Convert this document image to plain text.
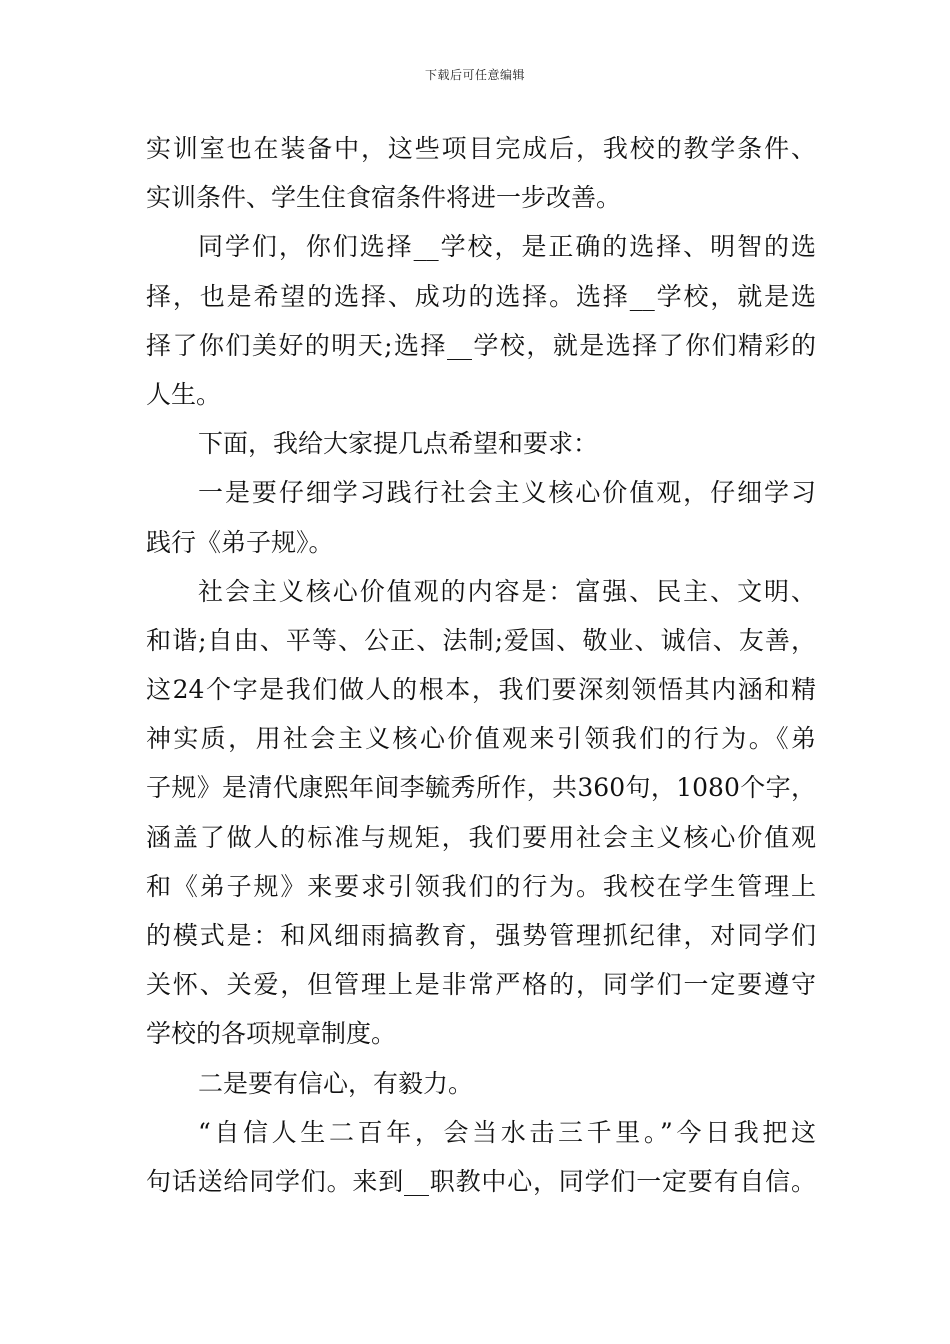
下载后可任意编辑
实训室也在装备中，这些项目完成后，我校的教学条件、
实训条件、学生住食宿条件将进一步改善。
同学们，你们选择__学校，是正确的选择、明智的选
择，也是希望的选择、成功的选择。选择__学校，就是选
择了你们美好的明天;选择__学校，就是选择了你们精彩的
人生。
下面，我给大家提几点希望和要求：
一是要仔细学习践行社会主义核心价值观，仔细学习
践行《弟子规》。
社会主义核心价值观的内容是：富强、民主、文明、
和谐;自由、平等、公正、法制;爱国、敬业、诚信、友善，
这24个字是我们做人的根本，我们要深刻领悟其内涵和精
神实质，用社会主义核心价值观来引领我们的行为。《弟
子规》是清代康熙年间李毓秀所作，共360句，1080个字，
涵盖了做人的标准与规矩，我们要用社会主义核心价值观
和《弟子规》来要求引领我们的行为。我校在学生管理上
的模式是：和风细雨搞教育，强势管理抓纪律，对同学们
关怀、关爱，但管理上是非常严格的，同学们一定要遵守
学校的各项规章制度。
二是要有信心，有毅力。
“自信人生二百年，会当水击三千里。”今日我把这
句话送给同学们。来到__职教中心，同学们一定要有自信。
